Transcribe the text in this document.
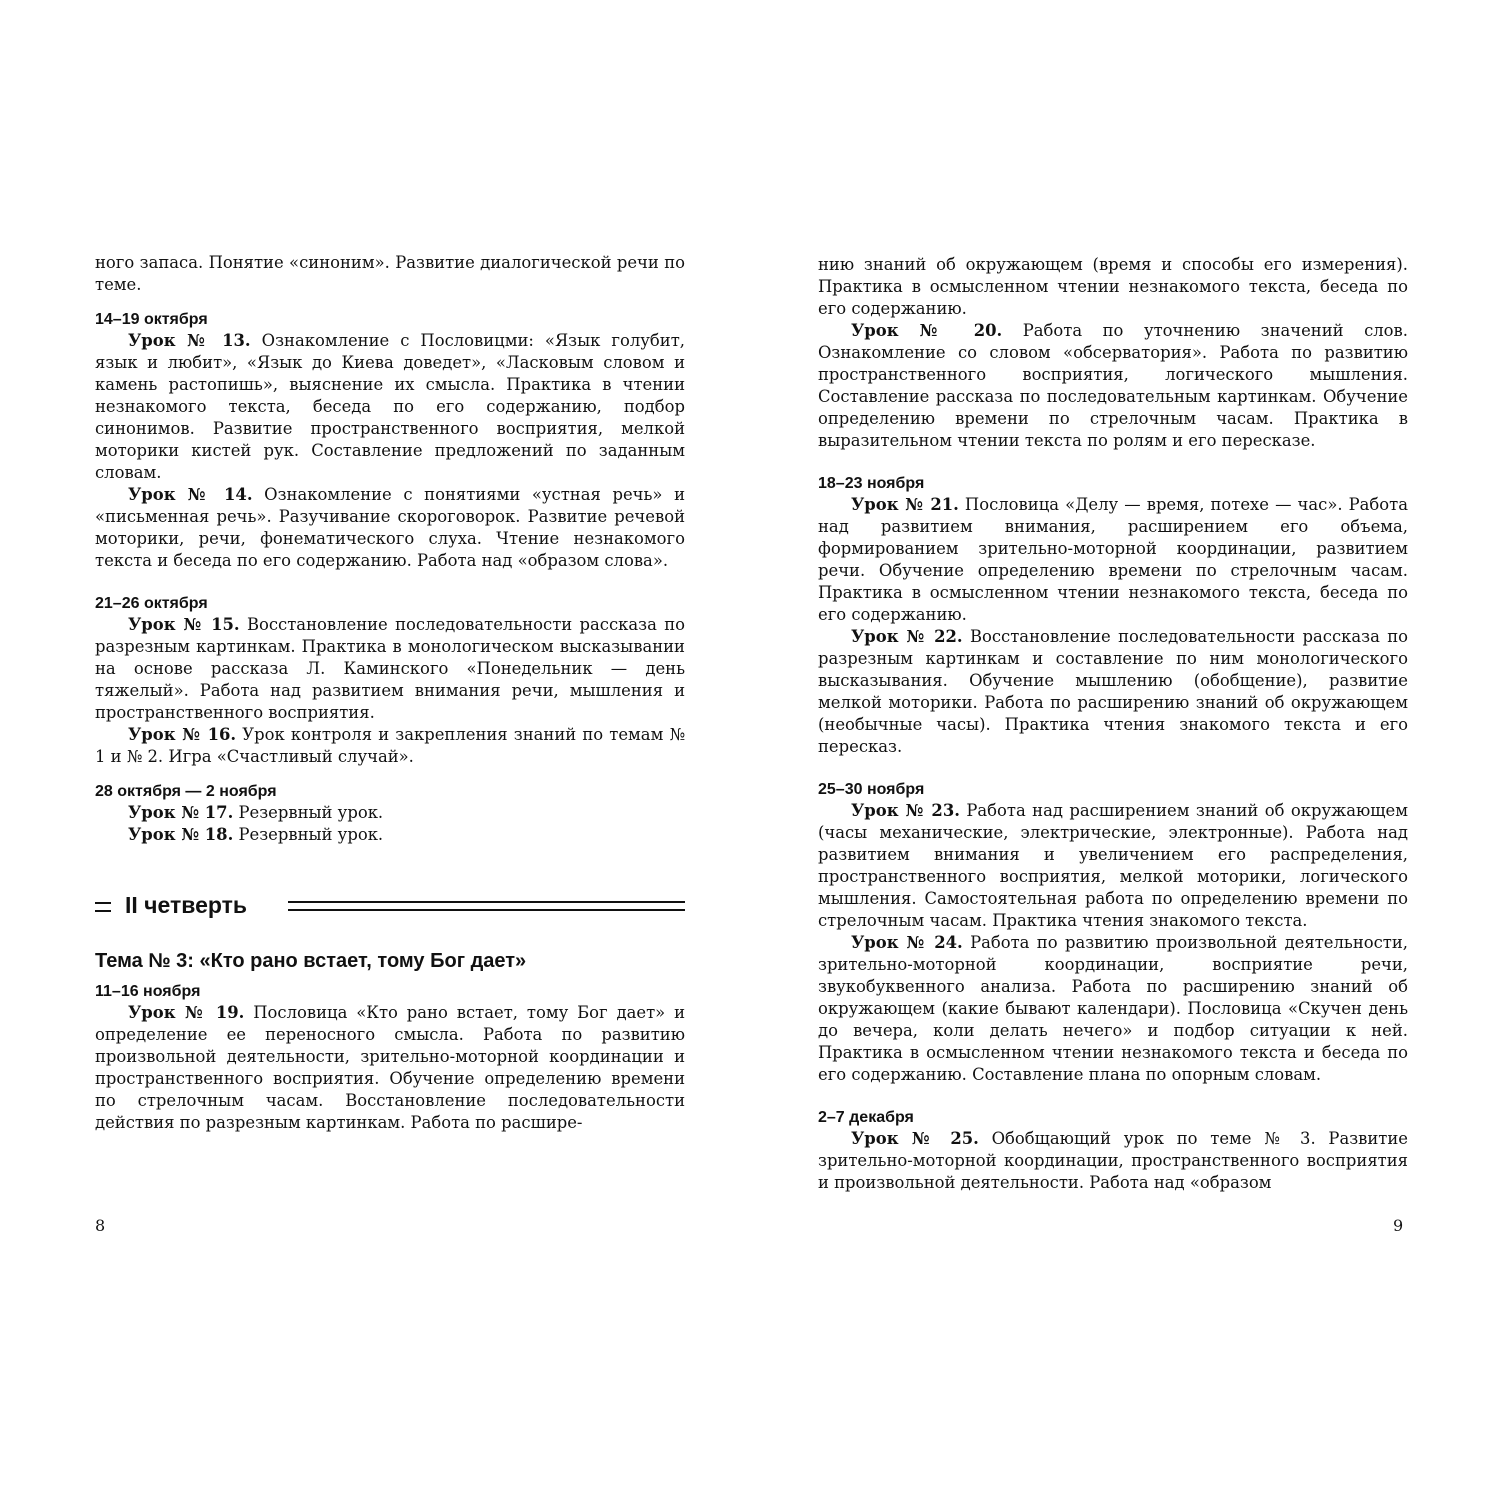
ного запаса. Понятие «синоним». Развитие диалогической речи по теме.

14–19 октября

Урок № 13. Ознакомление с Пословицми: «Язык голубит, язык и любит», «Язык до Киева доведет», «Ласковым словом и камень растопишь», выяснение их смысла. Практика в чтении незнакомого текста, беседа по его содержанию, подбор синонимов. Развитие пространственного восприятия, мелкой моторики кистей рук. Составление предложений по заданным словам.

Урок № 14. Ознакомление с понятиями «устная речь» и «письменная речь». Разучивание скороговорок. Развитие речевой моторики, речи, фонематического слуха. Чтение незнакомого текста и беседа по его содержанию. Работа над «образом слова».

21–26 октября

Урок № 15. Восстановление последовательности рассказа по разрезным картинкам. Практика в монологическом высказывании на основе рассказа Л. Каминского «Понедельник — день тяжелый». Работа над развитием внимания речи, мышления и пространственного восприятия.

Урок № 16. Урок контроля и закрепления знаний по темам № 1 и № 2. Игра «Счастливый случай».

28 октября — 2 ноября

Урок № 17. Резервный урок.

Урок № 18. Резервный урок.

II четверть

Тема № 3: «Кто рано встает, тому Бог дает»

11–16 ноября

Урок № 19. Пословица «Кто рано встает, тому Бог дает» и определение ее переносного смысла. Работа по развитию произвольной деятельности, зрительно-моторной координации и пространственного восприятия. Обучение определению времени по стрелочным часам. Восстановление последовательности действия по разрезным картинкам. Работа по расшире-

нию знаний об окружающем (время и способы его измерения). Практика в осмысленном чтении незнакомого текста, беседа по его содержанию.

Урок № 20. Работа по уточнению значений слов. Ознакомление со словом «обсерватория». Работа по развитию пространственного восприятия, логического мышления. Составление рассказа по последовательным картинкам. Обучение определению времени по стрелочным часам. Практика в выразительном чтении текста по ролям и его пересказе.

18–23 ноября

Урок № 21. Пословица «Делу — время, потехе — час». Работа над развитием внимания, расширением его объема, формированием зрительно-моторной координации, развитием речи. Обучение определению времени по стрелочным часам. Практика в осмысленном чтении незнакомого текста, беседа по его содержанию.

Урок № 22. Восстановление последовательности рассказа по разрезным картинкам и составление по ним монологического высказывания. Обучение мышлению (обобщение), развитие мелкой моторики. Работа по расширению знаний об окружающем (необычные часы). Практика чтения знакомого текста и его пересказ.

25–30 ноября

Урок № 23. Работа над расширением знаний об окружающем (часы механические, электрические, электронные). Работа над развитием внимания и увеличением его распределения, пространственного восприятия, мелкой моторики, логического мышления. Самостоятельная работа по определению времени по стрелочным часам. Практика чтения знакомого текста.

Урок № 24. Работа по развитию произвольной деятельности, зрительно-моторной координации, восприятие речи, звукобуквенного анализа. Работа по расширению знаний об окружающем (какие бывают календари). Пословица «Скучен день до вечера, коли делать нечего» и подбор ситуации к ней. Практика в осмысленном чтении незнакомого текста и беседа по его содержанию. Составление плана по опорным словам.

2–7 декабря

Урок № 25. Обобщающий урок по теме № 3. Развитие зрительно-моторной координации, пространственного восприятия и произвольной деятельности. Работа над «образом

8	9
